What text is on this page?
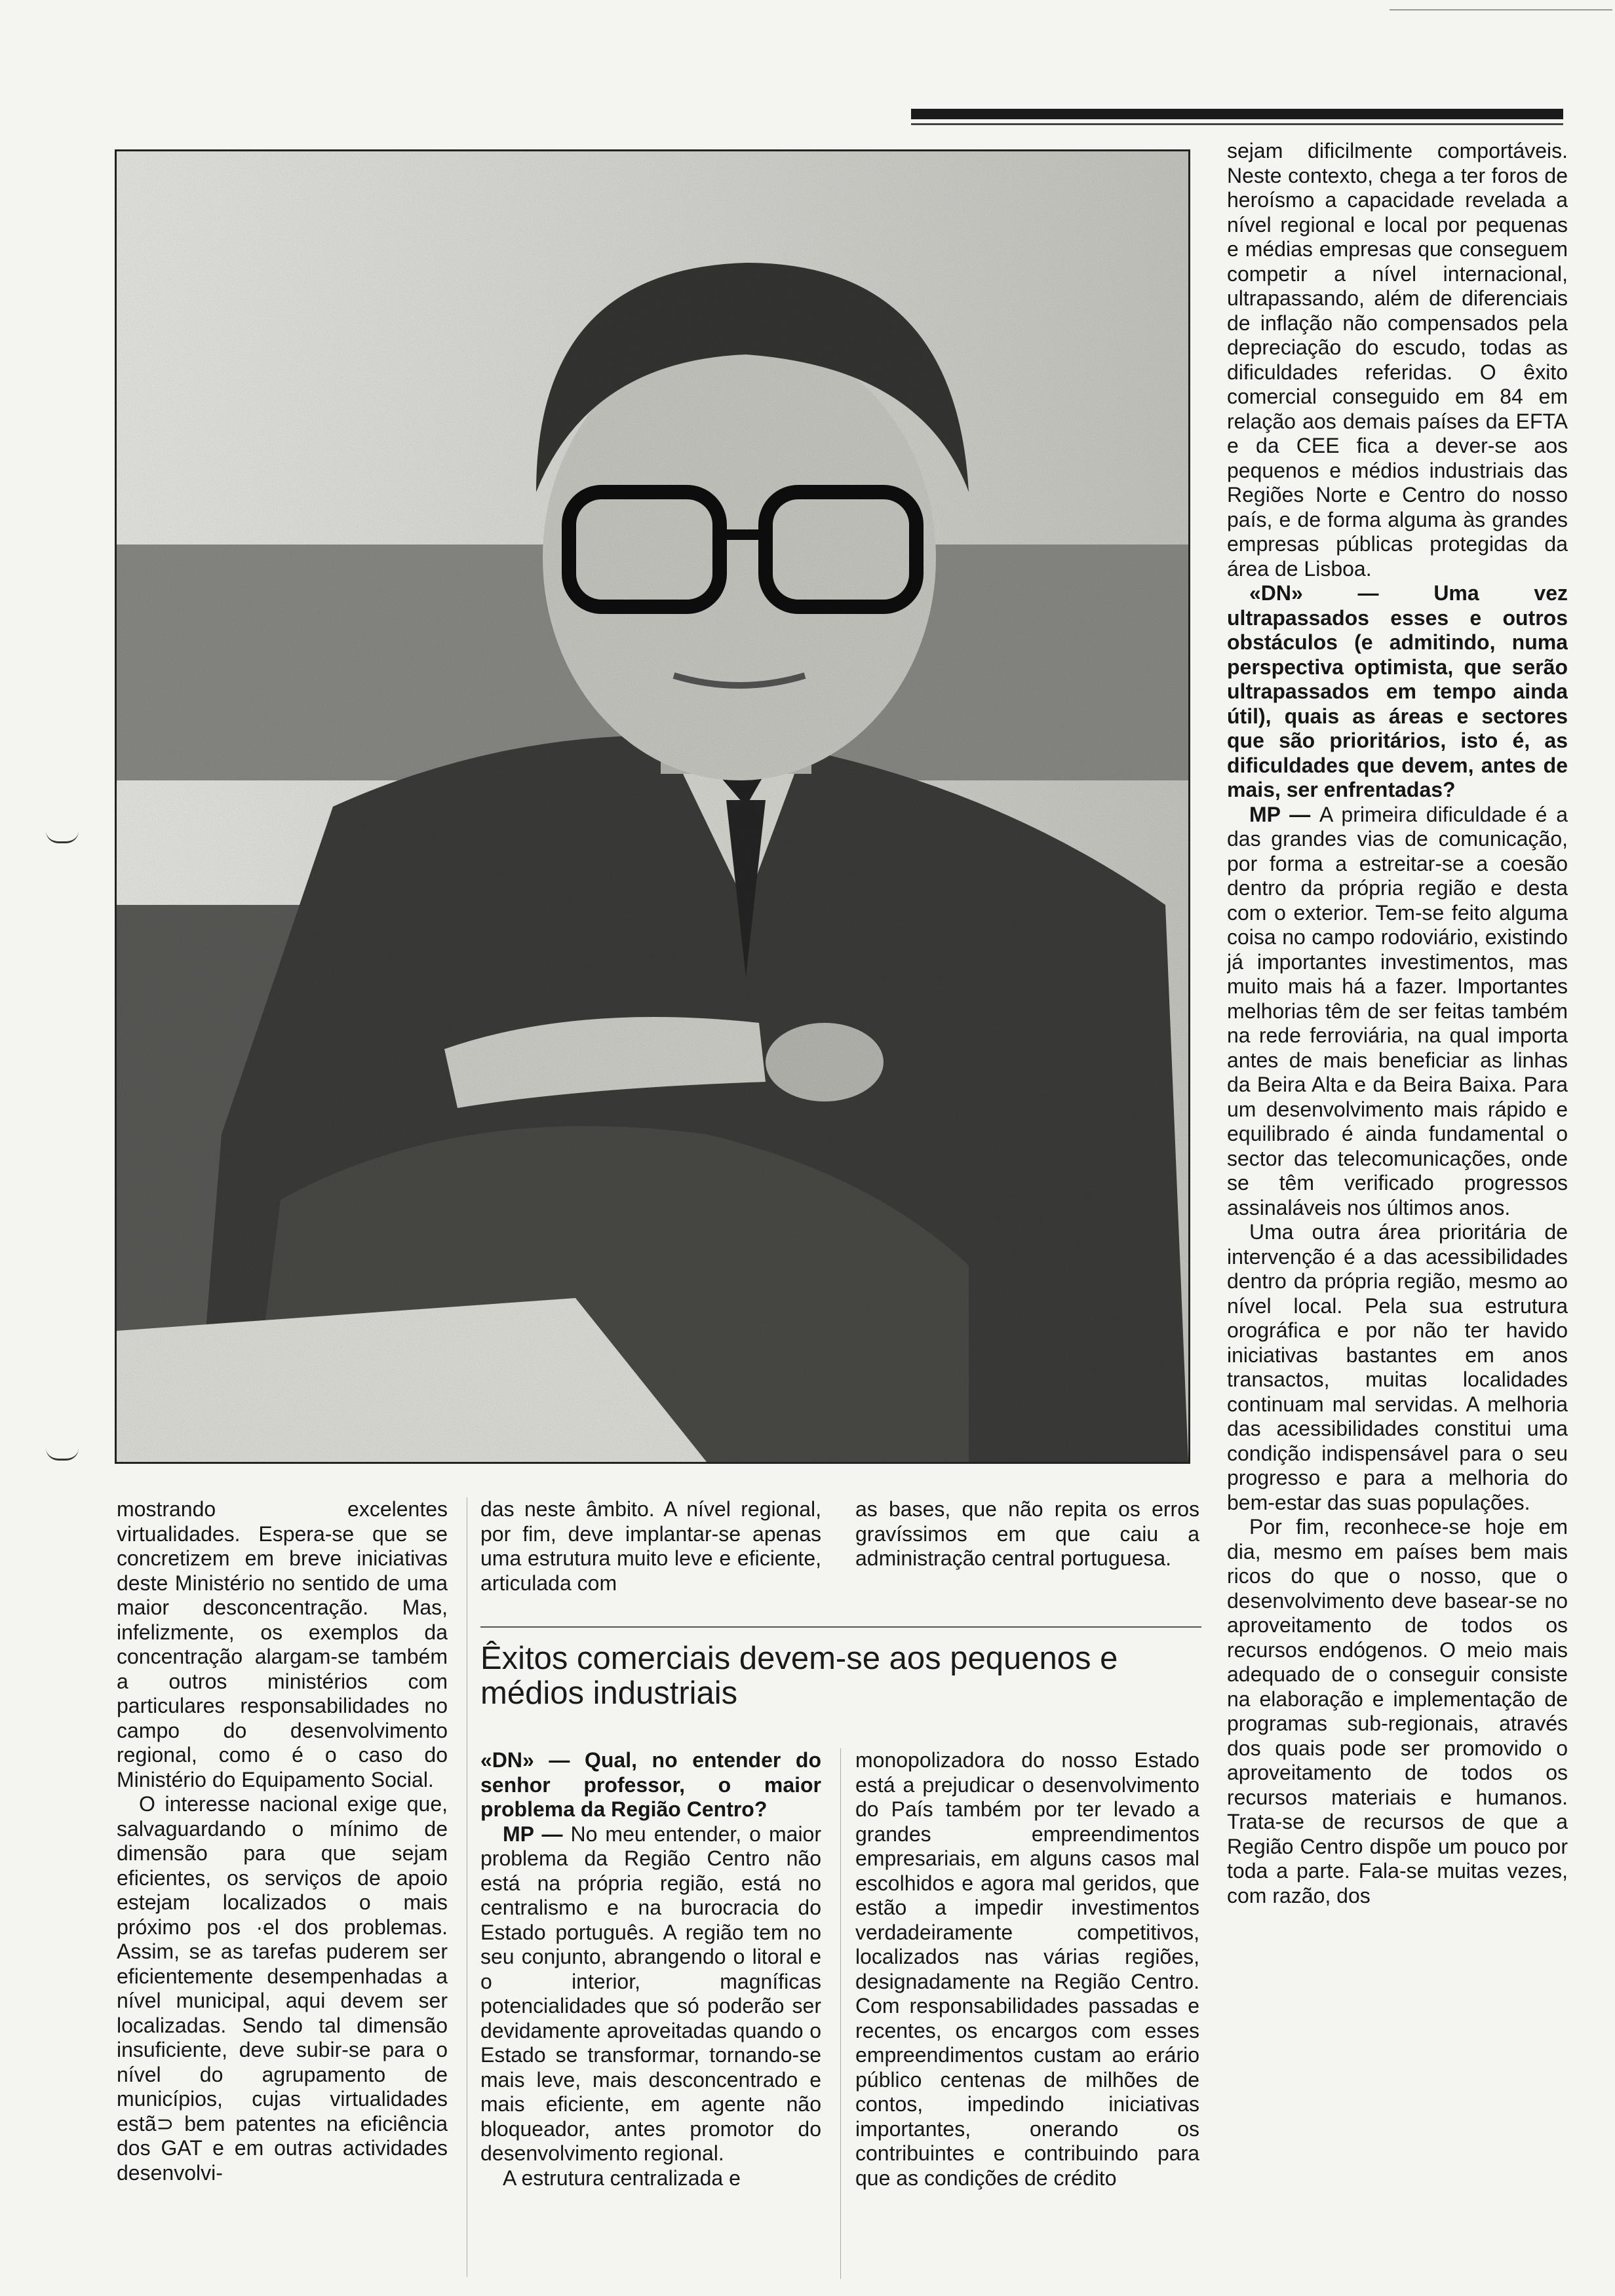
mostrando excelentes virtualidades. Espera-se que se concretizem em breve iniciativas deste Ministério no sentido de uma maior desconcentração. Mas, infelizmente, os exemplos da concentração alargam-se também a outros ministérios com particulares responsabilidades no campo do desenvolvimento regional, como é o caso do Ministério do Equipamento Social.

O interesse nacional exige que, salvaguardando o mínimo de dimensão para que sejam eficientes, os serviços de apoio estejam localizados o mais próximo pos ·el dos problemas. Assim, se as tarefas puderem ser eficientemente desempenhadas a nível municipal, aqui devem ser localizadas. Sendo tal dimensão insuficiente, deve subir-se para o nível do agrupamento de municípios, cujas virtualidades estã⊃ bem patentes na eficiência dos GAT e em outras actividades desenvolvi-

das neste âmbito. A nível regional, por fim, deve implantar-se apenas uma estrutura muito leve e eficiente, articulada com

as bases, que não repita os erros gravíssimos em que caiu a administração central portuguesa.

Êxitos comerciais devem-se aos pequenos e médios industriais

«DN» — Qual, no entender do senhor professor, o maior problema da Região Centro?

MP — No meu entender, o maior problema da Região Centro não está na própria região, está no centralismo e na burocracia do Estado português. A região tem no seu conjunto, abrangendo o litoral e o interior, magníficas potencialidades que só poderão ser devidamente aproveitadas quando o Estado se transformar, tornando-se mais leve, mais desconcentrado e mais eficiente, em agente não bloqueador, antes promotor do desenvolvimento regional.

A estrutura centralizada e

monopolizadora do nosso Estado está a prejudicar o desenvolvimento do País também por ter levado a grandes empreendimentos empresariais, em alguns casos mal escolhidos e agora mal geridos, que estão a impedir investimentos verdadeiramente competitivos, localizados nas várias regiões, designadamente na Região Centro. Com responsabilidades passadas e recentes, os encargos com esses empreendimentos custam ao erário público centenas de milhões de contos, impedindo iniciativas importantes, onerando os contribuintes e contribuindo para que as condições de crédito

sejam dificilmente comportáveis. Neste contexto, chega a ter foros de heroísmo a capacidade revelada a nível regional e local por pequenas e médias empresas que conseguem competir a nível internacional, ultrapassando, além de diferenciais de inflação não compensados pela depreciação do escudo, todas as dificuldades referidas. O êxito comercial conseguido em 84 em relação aos demais países da EFTA e da CEE fica a dever-se aos pequenos e médios industriais das Regiões Norte e Centro do nosso país, e de forma alguma às grandes empresas públicas protegidas da área de Lisboa.

«DN» — Uma vez ultrapassados esses e outros obstáculos (e admitindo, numa perspectiva optimista, que serão ultrapassados em tempo ainda útil), quais as áreas e sectores que são prioritários, isto é, as dificuldades que devem, antes de mais, ser enfrentadas?

MP — A primeira dificuldade é a das grandes vias de comunicação, por forma a estreitar-se a coesão dentro da própria região e desta com o exterior. Tem-se feito alguma coisa no campo rodoviário, existindo já importantes investimentos, mas muito mais há a fazer. Importantes melhorias têm de ser feitas também na rede ferroviária, na qual importa antes de mais beneficiar as linhas da Beira Alta e da Beira Baixa. Para um desenvolvimento mais rápido e equilibrado é ainda fundamental o sector das telecomunicações, onde se têm verificado progressos assinaláveis nos últimos anos.

Uma outra área prioritária de intervenção é a das acessibilidades dentro da própria região, mesmo ao nível local. Pela sua estrutura orográfica e por não ter havido iniciativas bastantes em anos transactos, muitas localidades continuam mal servidas. A melhoria das acessibilidades constitui uma condição indispensável para o seu progresso e para a melhoria do bem-estar das suas populações.

Por fim, reconhece-se hoje em dia, mesmo em países bem mais ricos do que o nosso, que o desenvolvimento deve basear-se no aproveitamento de todos os recursos endógenos. O meio mais adequado de o conseguir consiste na elaboração e implementação de programas sub-regionais, através dos quais pode ser promovido o aproveitamento de todos os recursos materiais e humanos. Trata-se de recursos de que a Região Centro dispõe um pouco por toda a parte. Fala-se muitas vezes, com razão, dos
